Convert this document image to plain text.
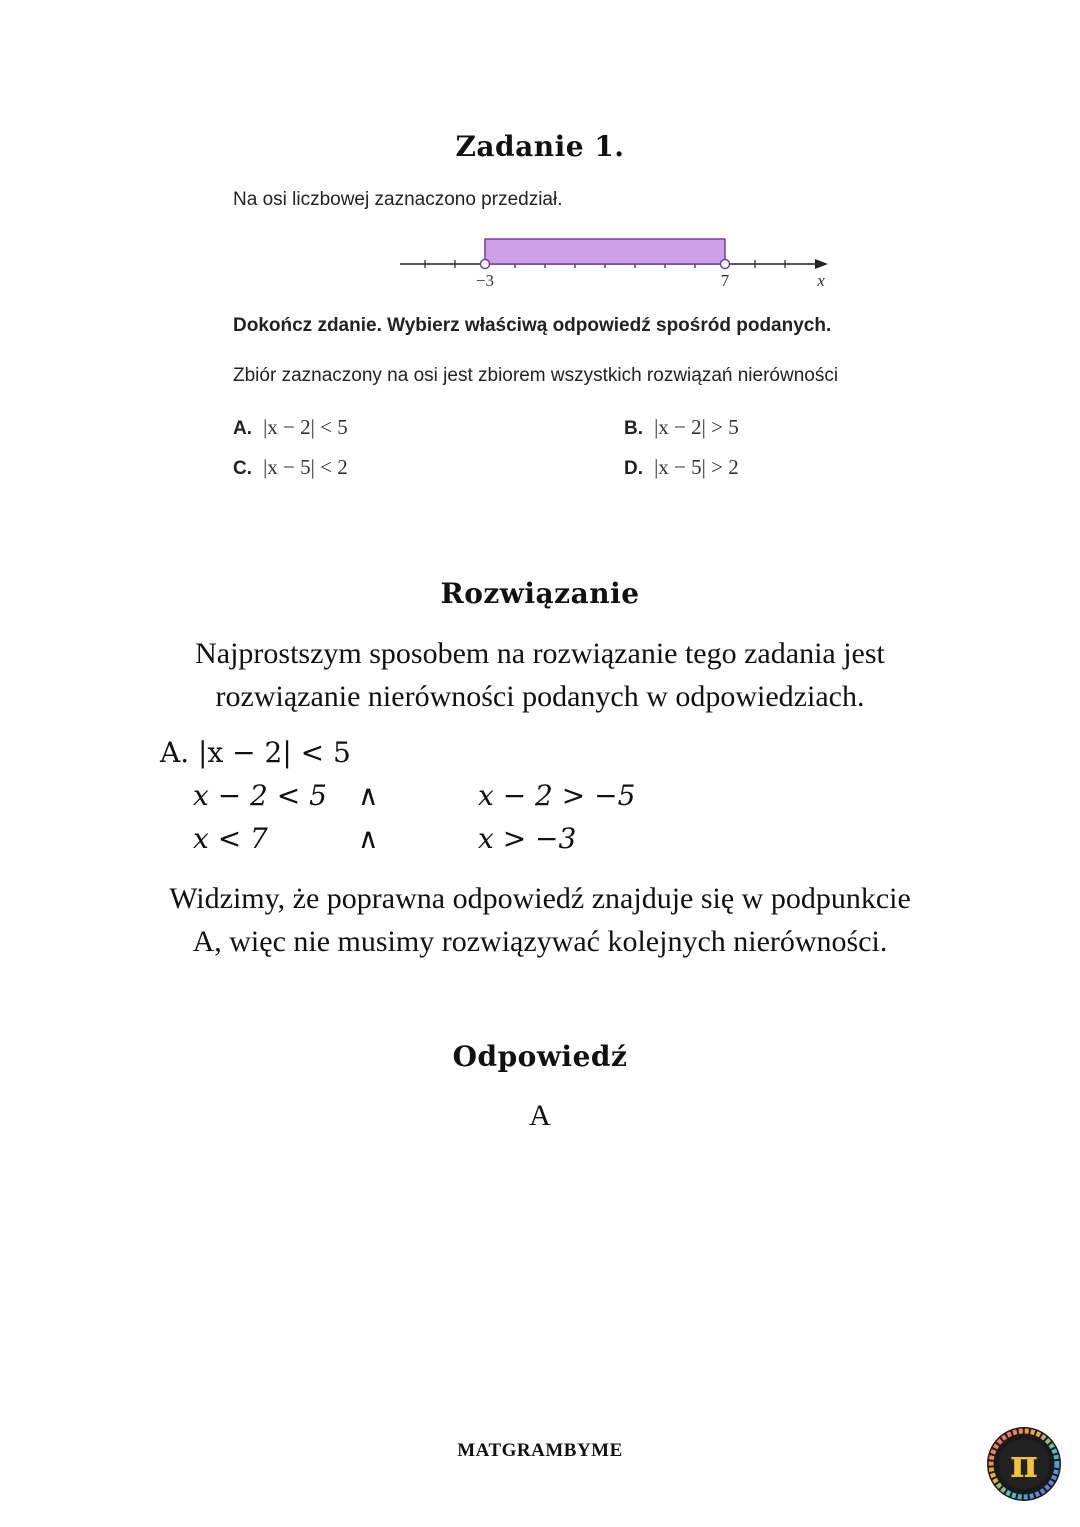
Zadanie 1.
Na osi liczbowej zaznaczono przedział.
−3	7	x
Dokończ zdanie. Wybierz właściwą odpowiedź spośród podanych.
Zbiór zaznaczony na osi jest zbiorem wszystkich rozwiązań nierówności
A. |x − 2| < 5	B. |x − 2| > 5
C. |x − 5| < 2	D. |x − 5| > 2
Rozwiązanie
Najprostszym sposobem na rozwiązanie tego zadania jest
rozwiązanie nierówności podanych w odpowiedziach.
A. |x − 2| < 5
x − 2 < 5 ∧	x − 2 > −5
x < 7	∧	x > −3
Widzimy, że poprawna odpowiedź znajduje się w podpunkcie
A, więc nie musimy rozwiązywać kolejnych nierówności.
Odpowiedź
A
MATGRAMBYME	π
